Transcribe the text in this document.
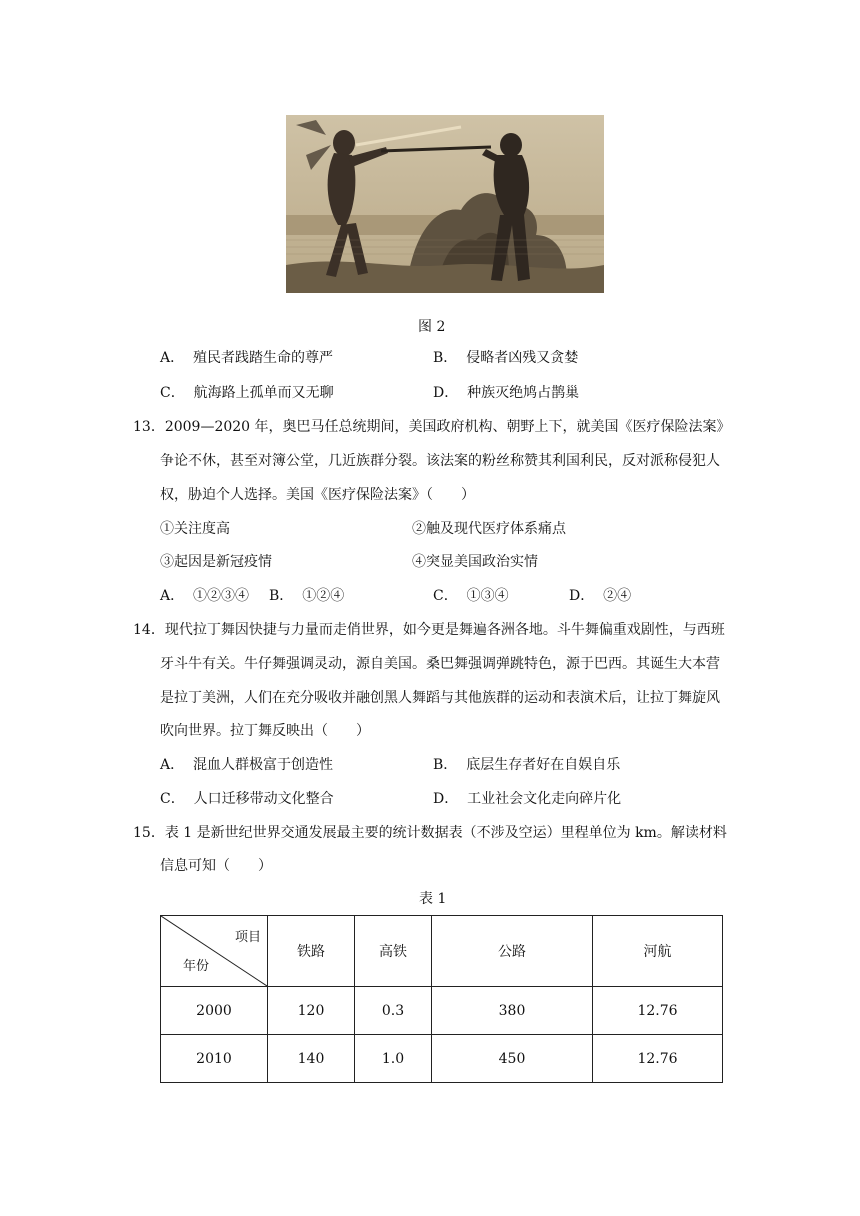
图 2
A． 殖民者践踏生命的尊严	B． 侵略者凶残又贪婪
C． 航海路上孤单而又无聊	D． 种族灭绝鸠占鹊巢
13．2009—2020 年，奥巴马任总统期间，美国政府机构、朝野上下，就美国《医疗保险法案》
争论不休，甚至对簿公堂，几近族群分裂。该法案的粉丝称赞其利国利民，反对派称侵犯人
权，胁迫个人选择。美国《医疗保险法案》（　　）
①关注度高	②触及现代医疗体系痛点
③起因是新冠疫情	④突显美国政治实情
A． ①②③④ B． ①②④	C． ①③④	D． ②④
14．现代拉丁舞因快捷与力量而走俏世界，如今更是舞遍各洲各地。斗牛舞偏重戏剧性，与西班
牙斗牛有关。牛仔舞强调灵动，源自美国。桑巴舞强调弹跳特色，源于巴西。其诞生大本营
是拉丁美洲，人们在充分吸收并融创黑人舞蹈与其他族群的运动和表演术后，让拉丁舞旋风
吹向世界。拉丁舞反映出（　　）
A． 混血人群极富于创造性	B． 底层生存者好在自娱自乐
C． 人口迁移带动文化整合	D． 工业社会文化走向碎片化
15．表 1 是新世纪世界交通发展最主要的统计数据表（不涉及空运）里程单位为 km。解读材料
信息可知（　　）
表 1
项目
年份	铁路	高铁	公路	河航
2000	120	0.3	380	12.76
2010	140	1.0	450	12.76
